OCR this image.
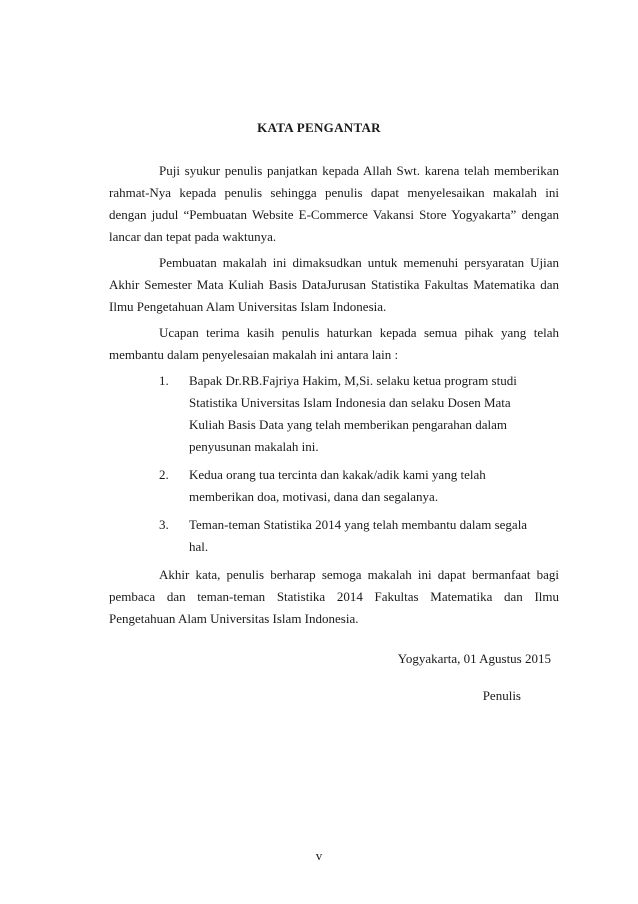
KATA PENGANTAR

Puji syukur penulis panjatkan kepada Allah Swt. karena telah memberikan rahmat-Nya kepada penulis sehingga penulis dapat menyelesaikan makalah ini dengan judul “Pembuatan Website E-Commerce Vakansi Store Yogyakarta” dengan lancar dan tepat pada waktunya.

Pembuatan makalah ini dimaksudkan untuk memenuhi persyaratan Ujian Akhir Semester Mata Kuliah Basis DataJurusan Statistika Fakultas Matematika dan Ilmu Pengetahuan Alam Universitas Islam Indonesia.

Ucapan terima kasih penulis haturkan kepada semua pihak yang telah membantu dalam penyelesaian makalah ini antara lain :

1. Bapak Dr.RB.Fajriya Hakim, M,Si. selaku ketua program studi Statistika Universitas Islam Indonesia dan selaku Dosen Mata Kuliah Basis Data yang telah memberikan pengarahan dalam penyusunan makalah ini.
2. Kedua orang tua tercinta dan kakak/adik kami yang telah memberikan doa, motivasi, dana dan segalanya.
3. Teman-teman Statistika 2014 yang telah membantu dalam segala hal.

Akhir kata, penulis berharap semoga makalah ini dapat bermanfaat bagi pembaca dan teman-teman Statistika 2014 Fakultas Matematika dan Ilmu Pengetahuan Alam Universitas Islam Indonesia.

Yogyakarta, 01 Agustus 2015
Penulis
v
